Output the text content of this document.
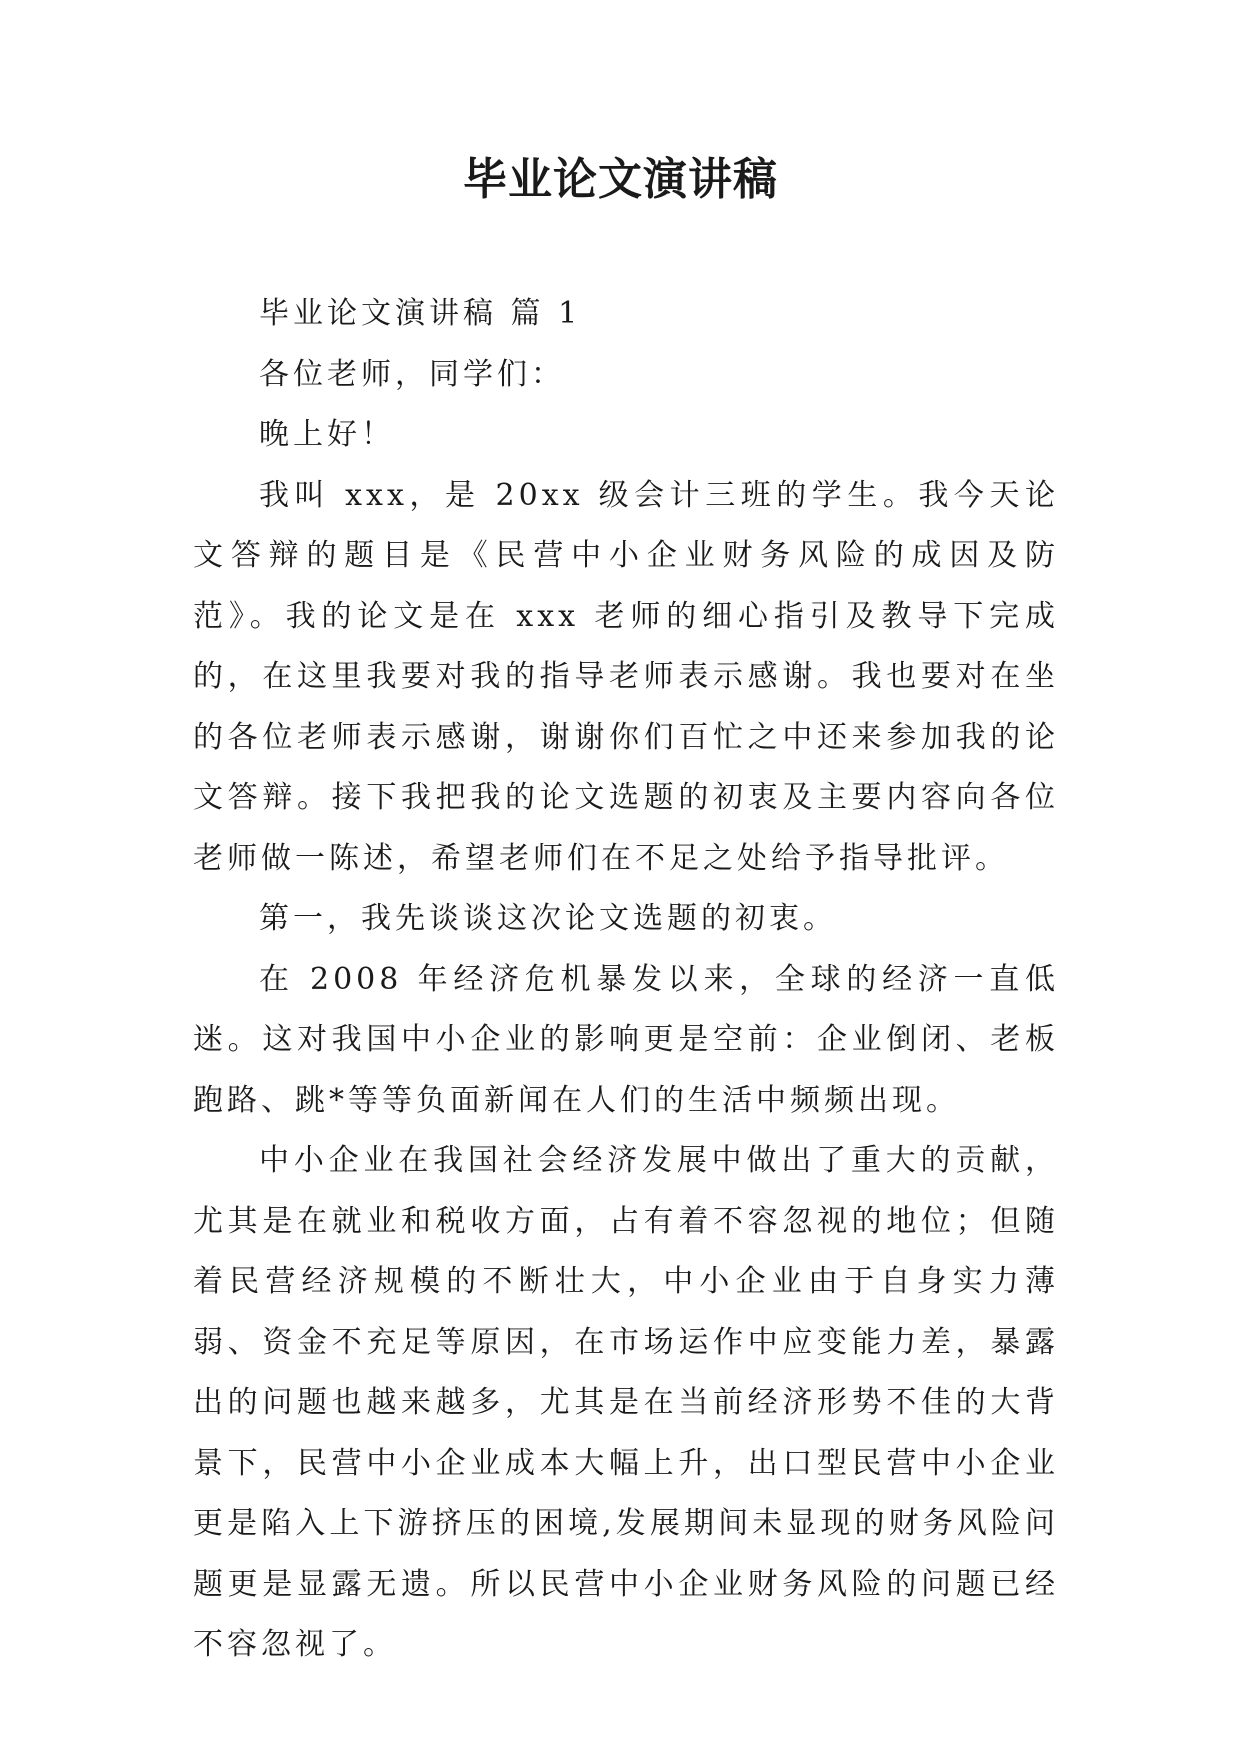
毕业论文演讲稿

毕业论文演讲稿 篇 1

各位老师，同学们：

晚上好！

我叫 xxx，是 20xx 级会计三班的学生。我今天论文答辩的题目是《民营中小企业财务风险的成因及防范》。我的论文是在 xxx 老师的细心指引及教导下完成的，在这里我要对我的指导老师表示感谢。我也要对在坐的各位老师表示感谢，谢谢你们百忙之中还来参加我的论文答辩。接下我把我的论文选题的初衷及主要内容向各位老师做一陈述，希望老师们在不足之处给予指导批评。

第一，我先谈谈这次论文选题的初衷。

在 2008 年经济危机暴发以来，全球的经济一直低迷。这对我国中小企业的影响更是空前：企业倒闭、老板跑路、跳*等等负面新闻在人们的生活中频频出现。

中小企业在我国社会经济发展中做出了重大的贡献，尤其是在就业和税收方面，占有着不容忽视的地位；但随着民营经济规模的不断壮大，中小企业由于自身实力薄弱、资金不充足等原因，在市场运作中应变能力差，暴露出的问题也越来越多，尤其是在当前经济形势不佳的大背景下，民营中小企业成本大幅上升，出口型民营中小企业更是陷入上下游挤压的困境,发展期间未显现的财务风险问题更是显露无遗。所以民营中小企业财务风险的问题已经不容忽视了。
